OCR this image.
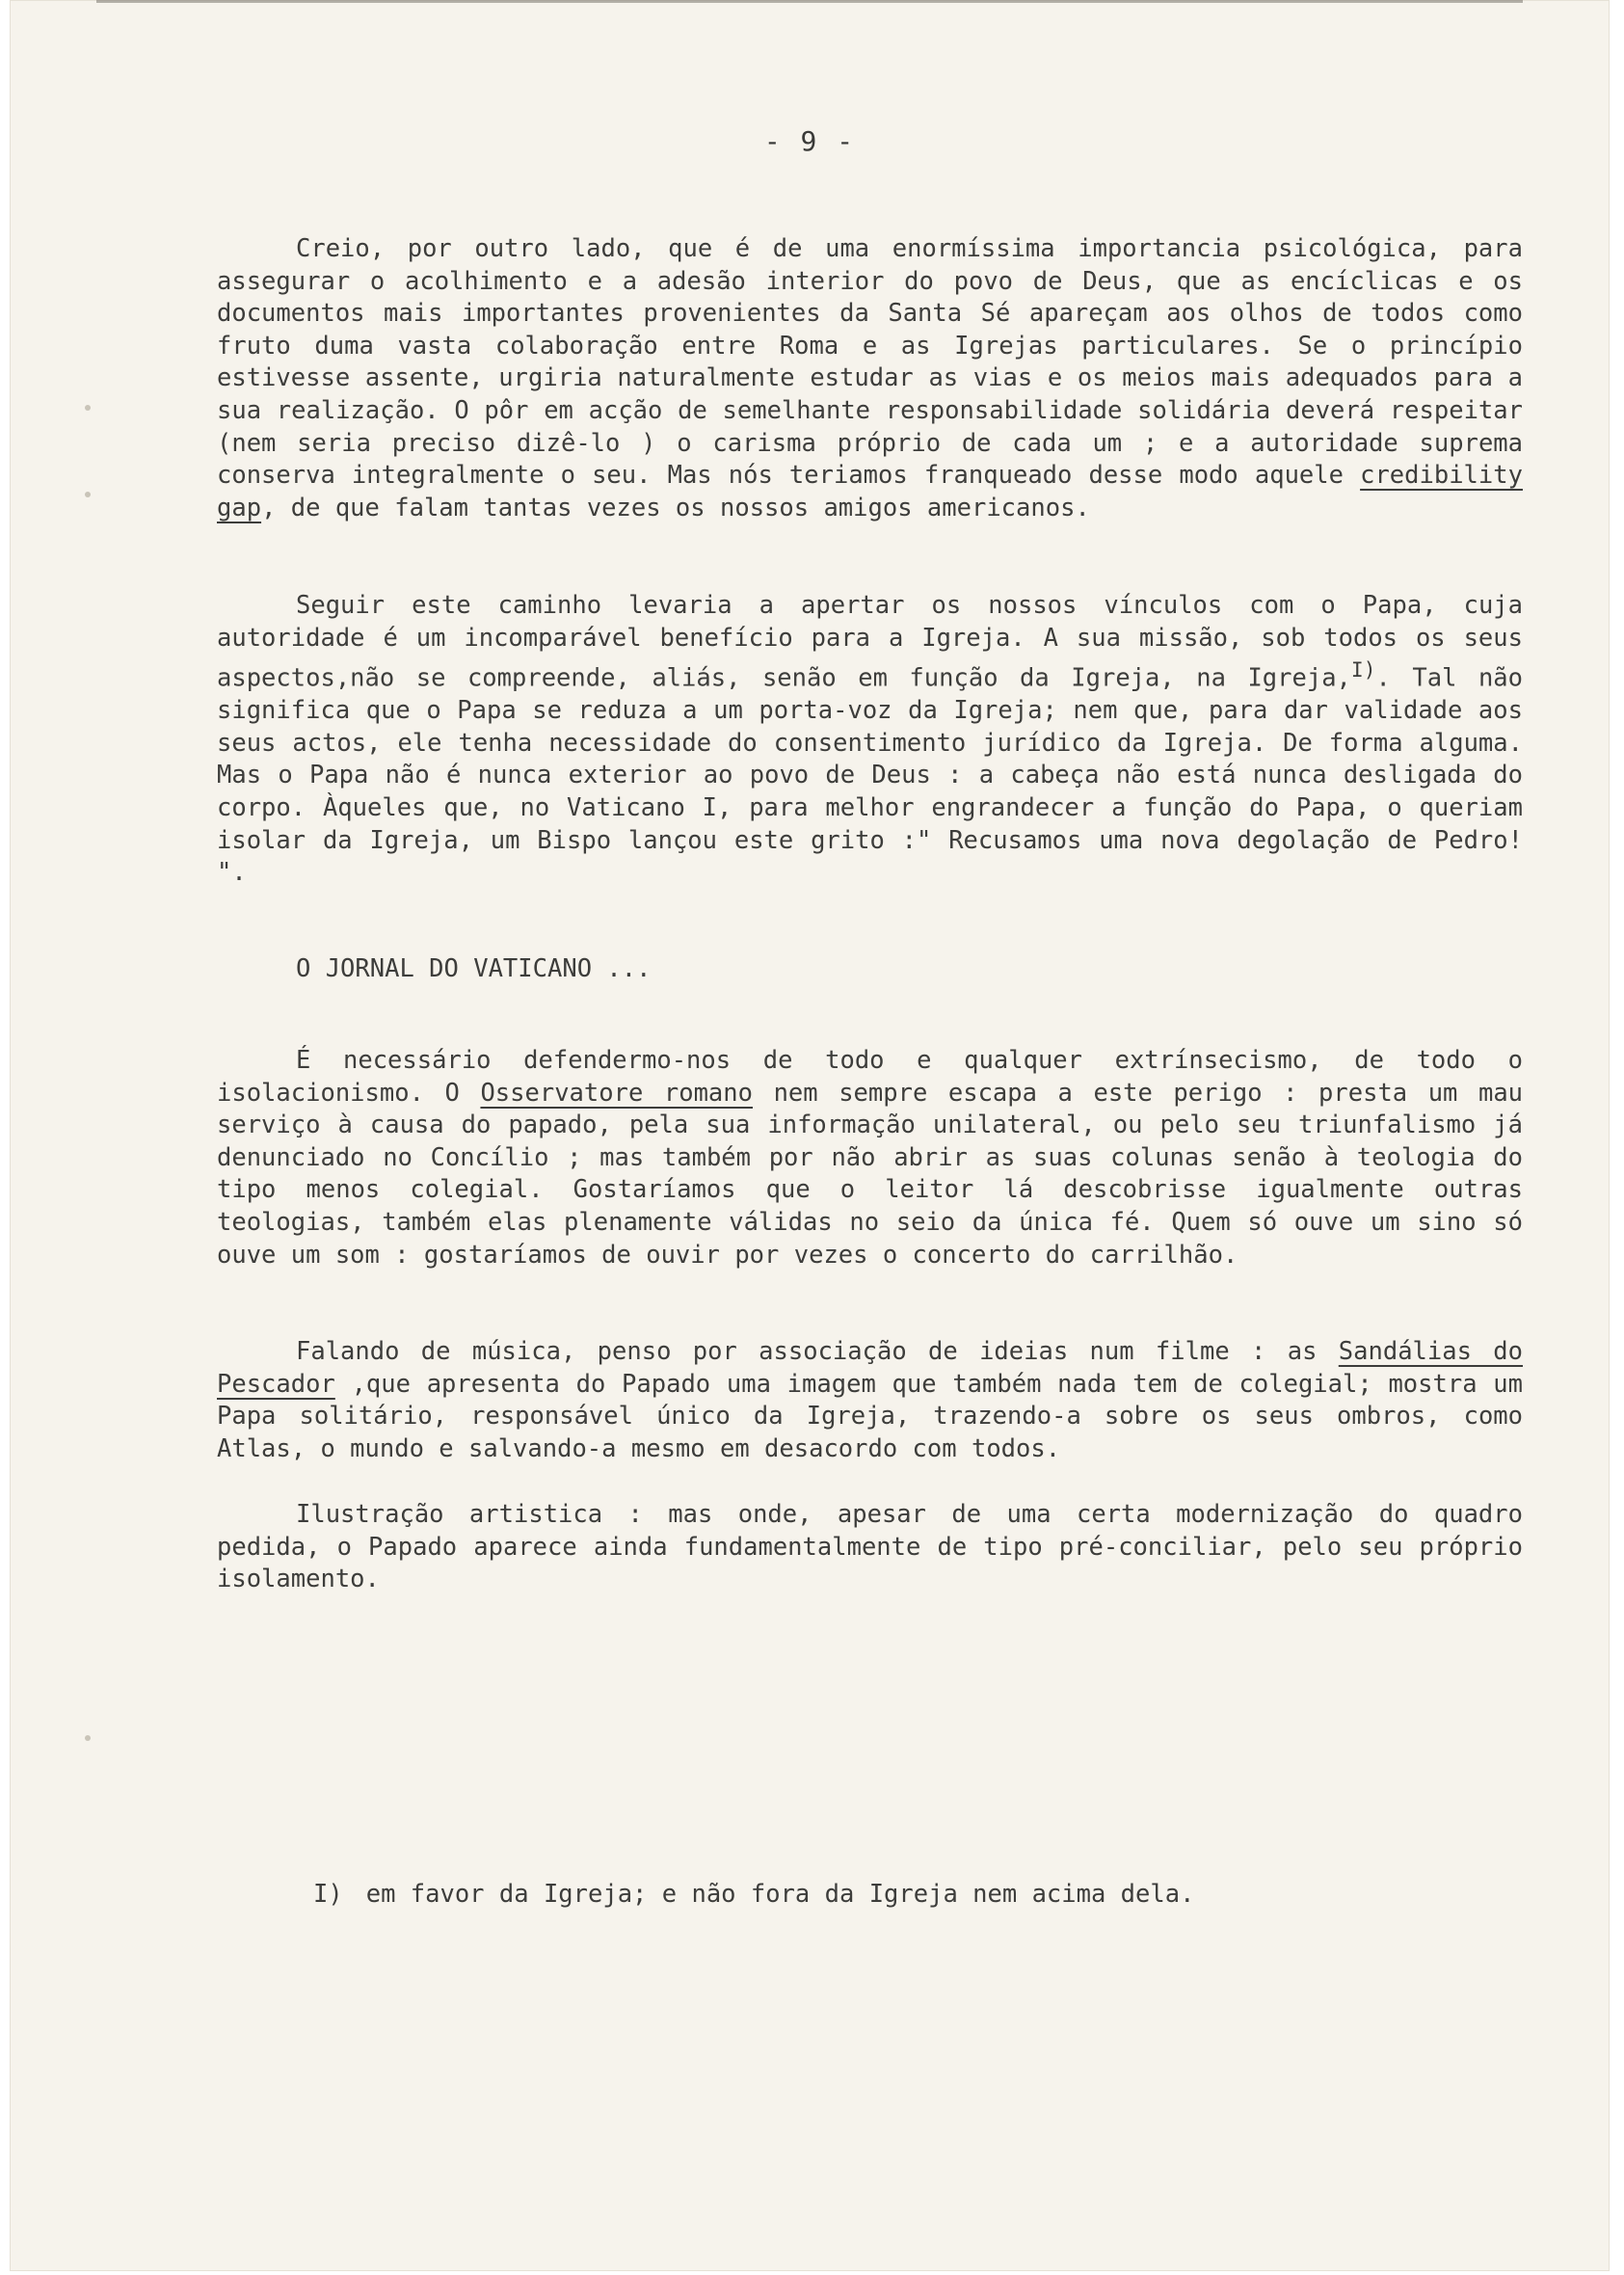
- 9 -

Creio, por outro lado, que é de uma enormíssima importancia psicológica, para assegurar o acolhimento e a adesão interior do povo de Deus, que as encíclicas e os documentos mais importantes provenientes da Santa Sé apareçam aos olhos de todos como fruto duma vasta colaboração entre Roma e as Igrejas particulares. Se o princípio estivesse assente, urgiria naturalmente estudar as vias e os meios mais adequados para a sua realização. O pôr em acção de semelhante responsabilidade solidária deverá respeitar (nem seria preciso dizê-lo ) o carisma próprio de cada um ; e a autoridade suprema conserva integralmente o seu. Mas nós teriamos franqueado desse modo aquele credibility gap, de que falam tantas vezes os nossos amigos americanos.

Seguir este caminho levaria a apertar os nossos vínculos com o Papa, cuja autoridade é um incomparável benefício para a Igreja. A sua missão, sob todos os seus aspectos,não se compreende, aliás, senão em função da Igreja, na Igreja,$^{I)}$. Tal não significa que o Papa se reduza a um porta-voz da Igreja; nem que, para dar validade aos seus actos, ele tenha necessidade do consentimento jurídico da Igreja. De forma alguma. Mas o Papa não é nunca exterior ao povo de Deus : a cabeça não está nunca desligada do corpo. Àqueles que, no Vaticano I, para melhor engrandecer a função do Papa, o queriam isolar da Igreja, um Bispo lançou este grito :" Recusamos uma nova degolação de Pedro! ".

O JORNAL DO VATICANO ...

É necessário defendermo-nos de todo e qualquer extrínsecismo, de todo o isolacionismo. O Osservatore romano nem sempre escapa a este perigo : presta um mau serviço à causa do papado, pela sua informação unilateral, ou pelo seu triunfalismo já denunciado no Concílio ; mas também por não abrir as suas colunas senão à teologia do tipo menos colegial. Gostaríamos que o leitor lá descobrisse igualmente outras teologias, também elas plenamente válidas no seio da única fé. Quem só ouve um sino só ouve um som : gostaríamos de ouvir por vezes o concerto do carrilhão.

Falando de música, penso por associação de ideias num filme : as Sandálias do Pescador ,que apresenta do Papado uma imagem que também nada tem de colegial; mostra um Papa solitário, responsável único da Igreja, trazendo-a sobre os seus ombros, como Atlas, o mundo e salvando-a mesmo em desacordo com todos.

Ilustração artistica : mas onde, apesar de uma certa modernização do quadro pedida, o Papado aparece ainda fundamentalmente de tipo pré-conciliar, pelo seu próprio isolamento.

I) em favor da Igreja; e não fora da Igreja nem acima dela.
